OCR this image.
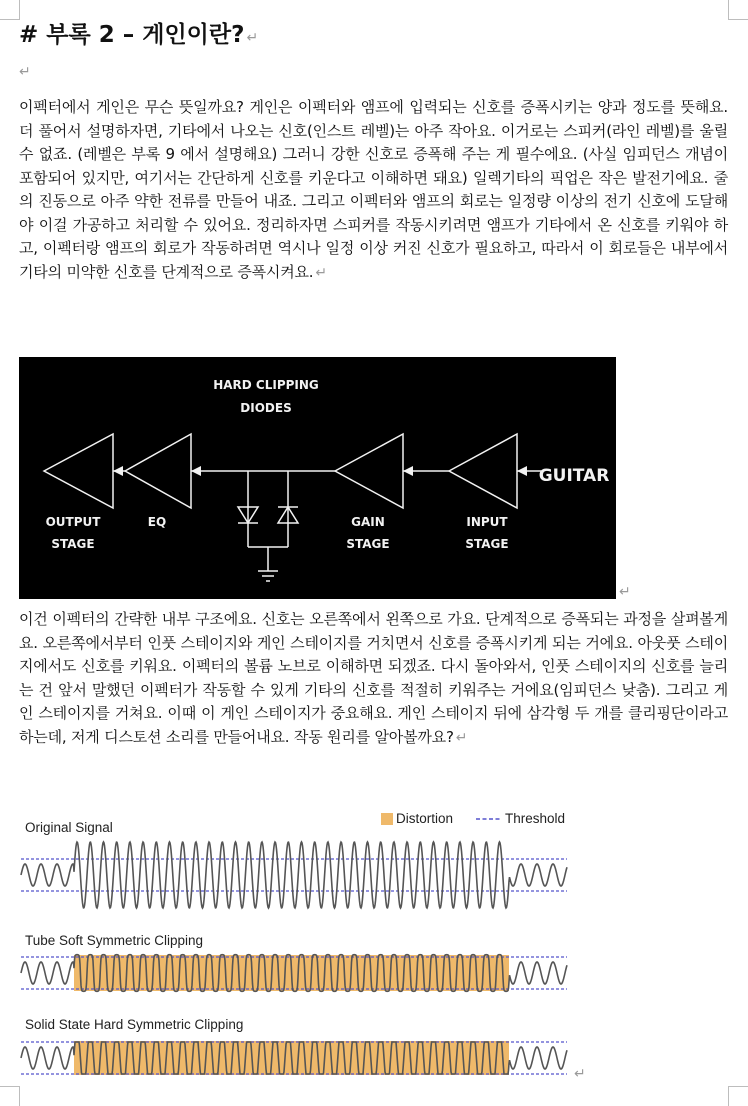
# 부록 2 – 게인이란? ↵
↵

이펙터에서 게인은 무슨 뜻일까요? 게인은 이펙터와 앰프에 입력되는 신호를 증폭시키는 양과 정도를 뜻해요. 더 풀어서 설명하자면, 기타에서 나오는 신호(인스트 레벨)는 아주 작아요. 이거로는 스피커(라인 레벨)를 울릴 수 없죠. (레벨은 부록 9 에서 설명해요) 그러니 강한 신호로 증폭해 주는 게 필수에요. (사실 임피던스 개념이 포함되어 있지만, 여기서는 간단하게 신호를 키운다고 이해하면 돼요) 일렉기타의 픽업은 작은 발전기에요. 줄의 진동으로 아주 약한 전류를 만들어 내죠. 그리고 이펙터와 앰프의 회로는 일정량 이상의 전기 신호에 도달해야 이걸 가공하고 처리할 수 있어요. 정리하자면 스피커를 작동시키려면 앰프가 기타에서 온 신호를 키워야 하고, 이펙터랑 앰프의 회로가 작동하려면 역시나 일정 이상 커진 신호가 필요하고, 따라서 이 회로들은 내부에서 기타의 미약한 신호를 단계적으로 증폭시켜요. ↵

HARD CLIPPING
DIODES
OUTPUT
STAGE
EQ	GAIN
STAGE
INPUT
STAGE
GUITAR
↵

이건 이펙터의 간략한 내부 구조에요. 신호는 오른쪽에서 왼쪽으로 가요. 단계적으로 증폭되는 과정을 살펴볼게요. 오른쪽에서부터 인풋 스테이지와 게인 스테이지를 거치면서 신호를 증폭시키게 되는 거에요. 아웃풋 스테이지에서도 신호를 키워요. 이펙터의 볼륨 노브로 이해하면 되겠죠. 다시 돌아와서, 인풋 스테이지의 신호를 늘리는 건 앞서 말했던 이펙터가 작동할 수 있게 기타의 신호를 적절히 키워주는 거에요(임피던스 낮춤). 그리고 게인 스테이지를 거쳐요. 이때 이 게인 스테이지가 중요해요. 게인 스테이지 뒤에 삼각형 두 개를 클리핑단이라고 하는데, 저게 디스토션 소리를 만들어내요. 작동 원리를 알아볼까요? ↵

Distortion	Threshold
Original Signal
Tube Soft Symmetric Clipping
Solid State Hard Symmetric Clipping
↵
